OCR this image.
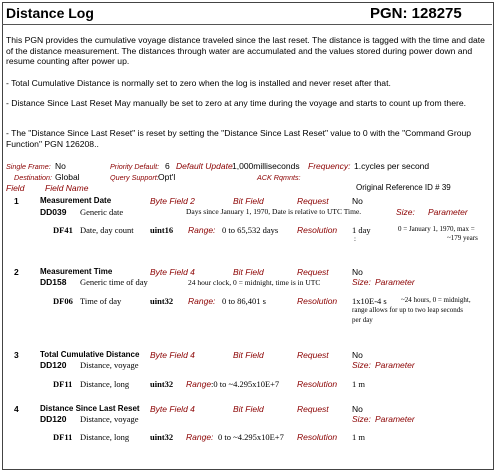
Distance Log	PGN: 128275
This PGN provides the cumulative voyage distance traveled since the last reset. The distance is tagged with the time and date of the distance measurement. The distances through water are accumulated and the values stored during power down and resume counting after power up.
- Total Cumulative Distance is normally set to zero when the log is installed and never reset after that.
- Distance Since Last Reset May manually be set to zero at any time during the voyage and starts to count up from there.
- The "Distance Since Last Reset" is reset by setting the "Distance Since Last Reset" value to 0 with the "Command Group Function" PGN 126208..
Single Frame: No	Priority Default: 6 Default Update 1,000milliseconds Frequency: 1.cycles per second
Destination: Global	Query Support: Opt'l	ACK Rqmnts:
Field Field Name	Original Reference ID # 39
1	Measurement Date	Byte Field 2	Bit Field	Request	No
DD039 Generic date	Days since January 1, 1970, Date is relative to UTC Time.	Size: Parameter
DF41 Date, day count uint16 Range: 0 to 65,532 days Resolution 1 day
:
0 = January 1, 1970, max =
~179 years
2	Measurement Time	Byte Field 4	Bit Field	Request	No
DD158 Generic time of day	24 hour clock, 0 = midnight, time is in UTC	Size: Parameter
DF06 Time of day	uint32 Range: 0 to 86,401 s	Resolution 1x10E-4 s ~24 hours, 0 = midnight,
range allows for up to two leap seconds
per day
3	Total Cumulative Distance Byte Field 4	Bit Field	Request	No
DD120 Distance, voyage	Size: Parameter
DF11 Distance, long uint32 Range :0 to ~4.295x10E+7 Resolution 1 m
4	Distance Since Last Reset Byte Field 4	Bit Field	Request	No
DD120 Distance, voyage	Size: Parameter
DF11 Distance, long uint32 Range: 0 to ~4.295x10E+7 Resolution 1 m
